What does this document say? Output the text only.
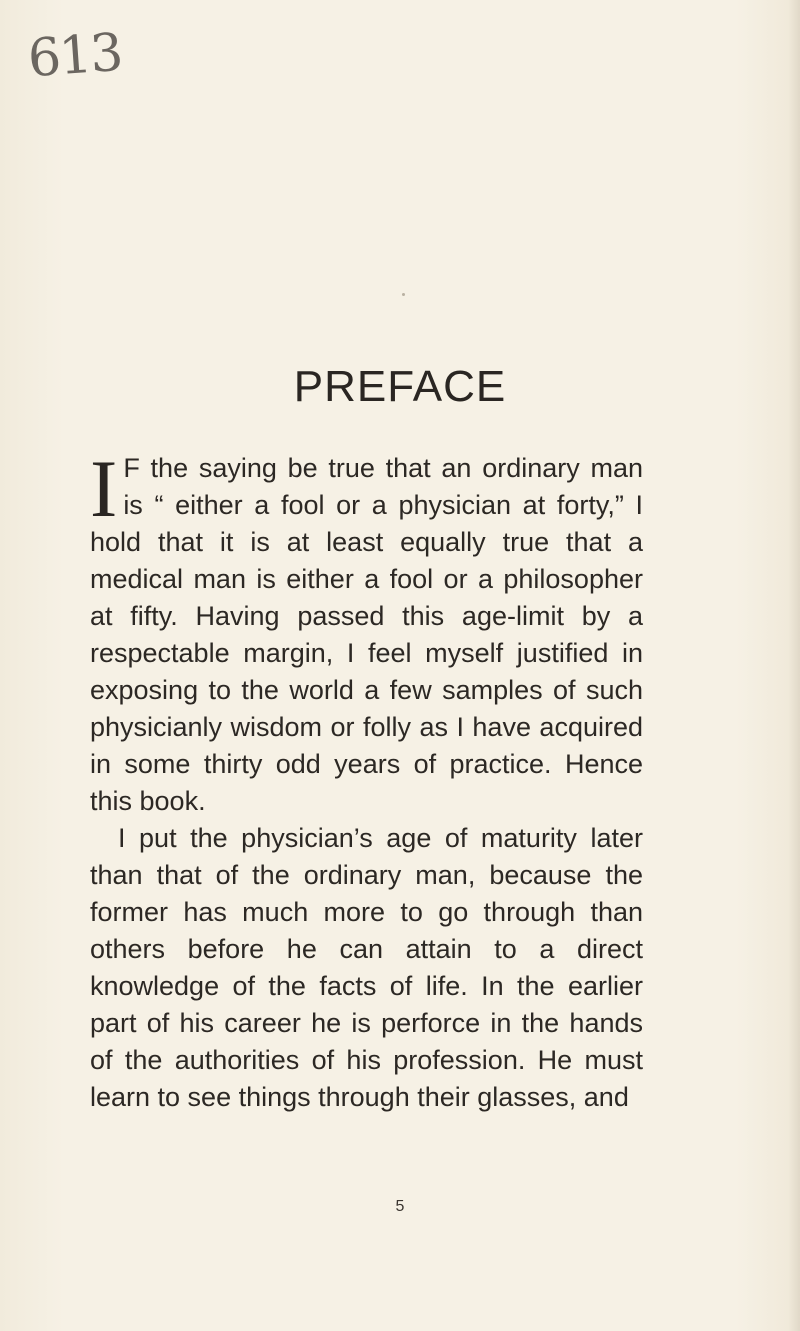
613
PREFACE

I F the saying be true that an ordinary man is “ either a fool or a physician at forty,” I hold that it is at least equally true that a medical man is either a fool or a philosopher at fifty. Having passed this age-limit by a respectable margin, I feel myself justified in exposing to the world a few samples of such physicianly wisdom or folly as I have acquired in some thirty odd years of practice. Hence this book.

I put the physician’s age of maturity later than that of the ordinary man, because the former has much more to go through than others before he can attain to a direct knowledge of the facts of life. In the earlier part of his career he is perforce in the hands of the authorities of his profession. He must learn to see things through their glasses, and

5
